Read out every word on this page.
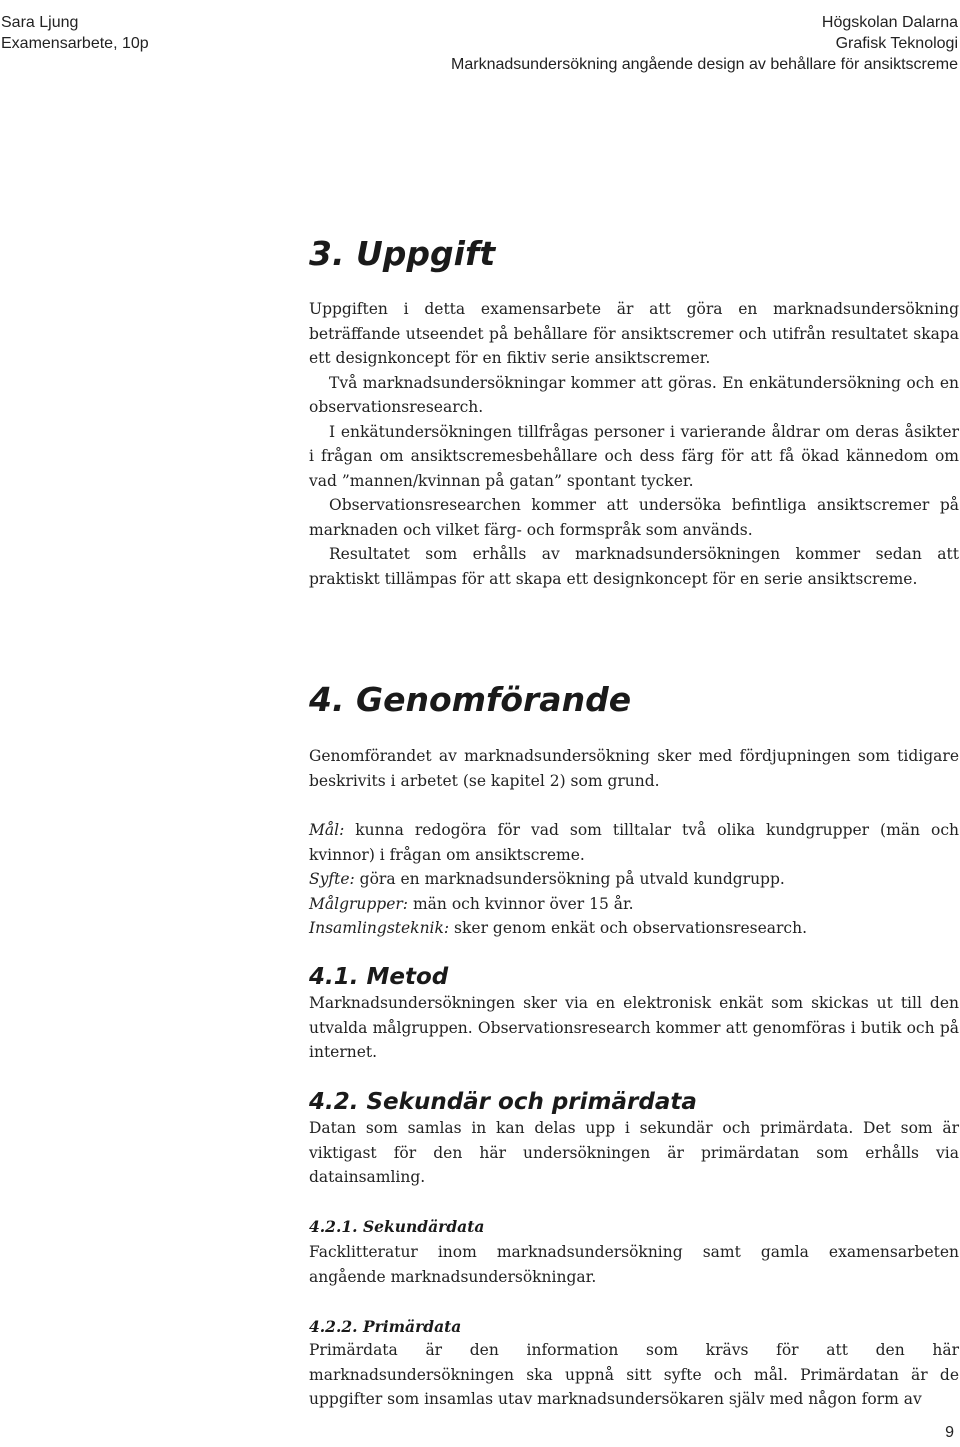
Sara Ljung
Examensarbete, 10p
Högskolan Dalarna
Grafisk Teknologi
Marknadsundersökning angående design av behållare för ansiktscreme
3. Uppgift

Uppgiften i detta examensarbete är att göra en marknadsundersökning beträffande utseendet på behållare för ansiktscremer och utifrån resultatet skapa ett designkoncept för en fiktiv serie ansiktscremer.

Två marknadsundersökningar kommer att göras. En enkätundersökning och en observationsresearch.

I enkätundersökningen tillfrågas personer i varierande åldrar om deras åsikter i frågan om ansiktscremesbehållare och dess färg för att få ökad kännedom om vad ”mannen/kvinnan på gatan” spontant tycker.

Observationsresearchen kommer att undersöka befintliga ansiktscremer på marknaden och vilket färg- och formspråk som används.

Resultatet som erhålls av marknadsundersökningen kommer sedan att praktiskt tillämpas för att skapa ett designkoncept för en serie ansiktscreme.

4. Genomförande

Genomförandet av marknadsundersökning sker med fördjupningen som tidigare beskrivits i arbetet (se kapitel 2) som grund.

Mål: kunna redogöra för vad som tilltalar två olika kundgrupper (män och kvinnor) i frågan om ansiktscreme.

Syfte: göra en marknadsundersökning på utvald kundgrupp.

Målgrupper: män och kvinnor över 15 år.

Insamlingsteknik: sker genom enkät och observationsresearch.

4.1. Metod

Marknadsundersökningen sker via en elektronisk enkät som skickas ut till den utvalda målgruppen. Observationsresearch kommer att genomföras i butik och på internet.

4.2. Sekundär och primärdata

Datan som samlas in kan delas upp i sekundär och primärdata. Det som är viktigast för den här undersökningen är primärdatan som erhålls via datainsamling.

4.2.1. Sekundärdata

Facklitteratur inom marknadsundersökning samt gamla examensarbeten angående marknadsundersökningar.

4.2.2. Primärdata

Primärdata är den information som krävs för att den här marknadsundersökningen ska uppnå sitt syfte och mål. Primärdatan är de uppgifter som insamlas utav marknadsundersökaren själv med någon form av

9
